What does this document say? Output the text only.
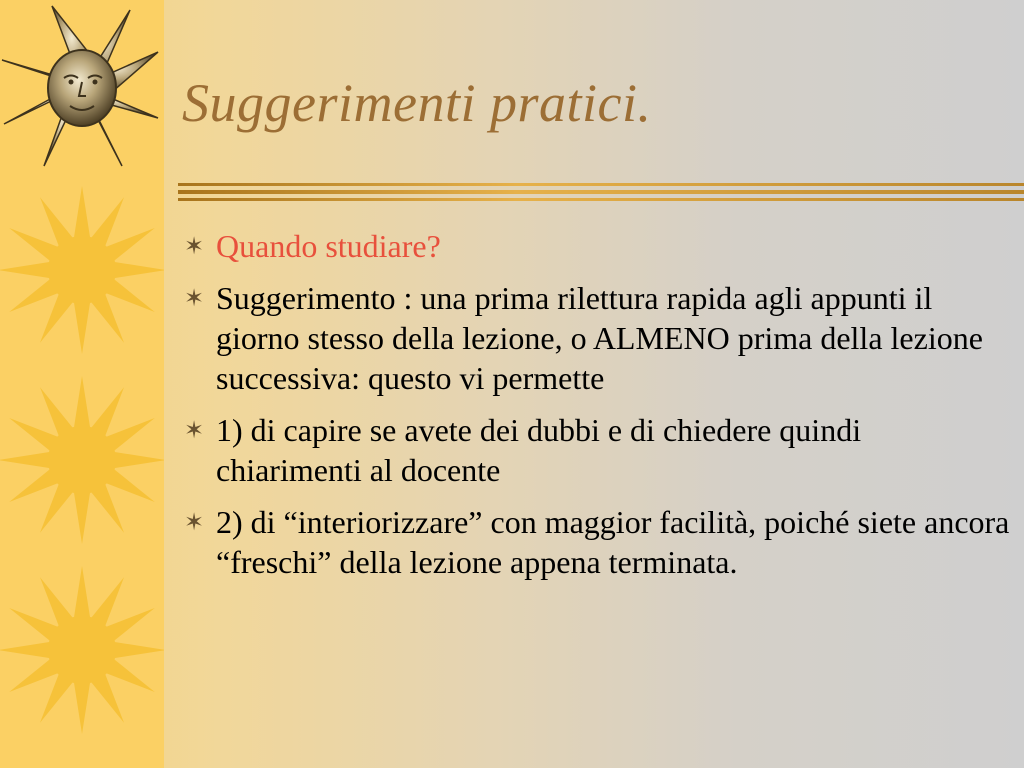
Suggerimenti pratici.
✶ Quando studiare?
✶ Suggerimento : una prima rilettura rapida agli appunti il giorno stesso della lezione, o ALMENO prima della lezione successiva: questo vi permette
✶ 1) di capire se avete dei dubbi e di chiedere quindi chiarimenti al docente
✶ 2) di “interiorizzare” con maggior facilità, poiché siete ancora “freschi” della lezione appena terminata.
